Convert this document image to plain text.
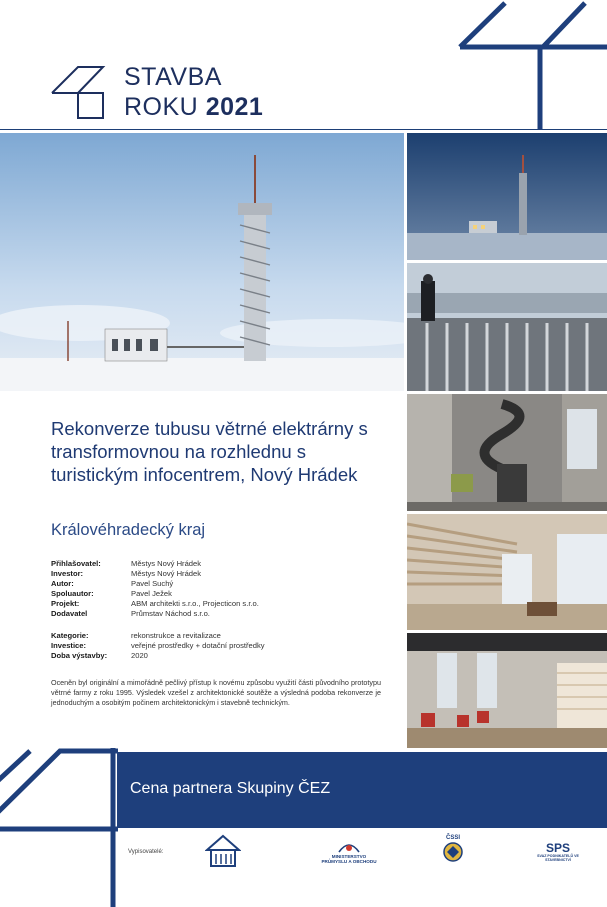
STAVBA
ROKU 2021
Rekonverze tubusu větrné elektrárny s transformovnou na rozhlednu s turistickým infocentrem, Nový Hrádek
Královéhradecký kraj
Přihlašovatel:	Městys Nový Hrádek
Investor:	Městys Nový Hrádek
Autor:	Pavel Suchý
Spoluautor:	Pavel Ježek
Projekt:	ABM architekti s.r.o., Projecticon s.r.o.
Dodavatel	Průmstav Náchod s.r.o.
Kategorie:	rekonstrukce a revitalizace
Investice:	veřejné prostředky + dotační prostředky
Doba výstavby:	2020
Oceněn byl originální a mimořádně pečlivý přístup k novému způsobu využití části původního prototypu větrné farmy z roku 1995. Výsledek vzešel z architektonické soutěže a výsledná podoba rekonverze je jednoduchým a osobitým počinem architektonickým i stavebně technickým.
Cena partnera Skupiny ČEZ
Vypisovatelé:
MINISTERSTVO
PRŮMYSLU A OBCHODU
ČSSI
SPS
SVAZ PODNIKATELŮ VE STAVEBNICTVÍ
